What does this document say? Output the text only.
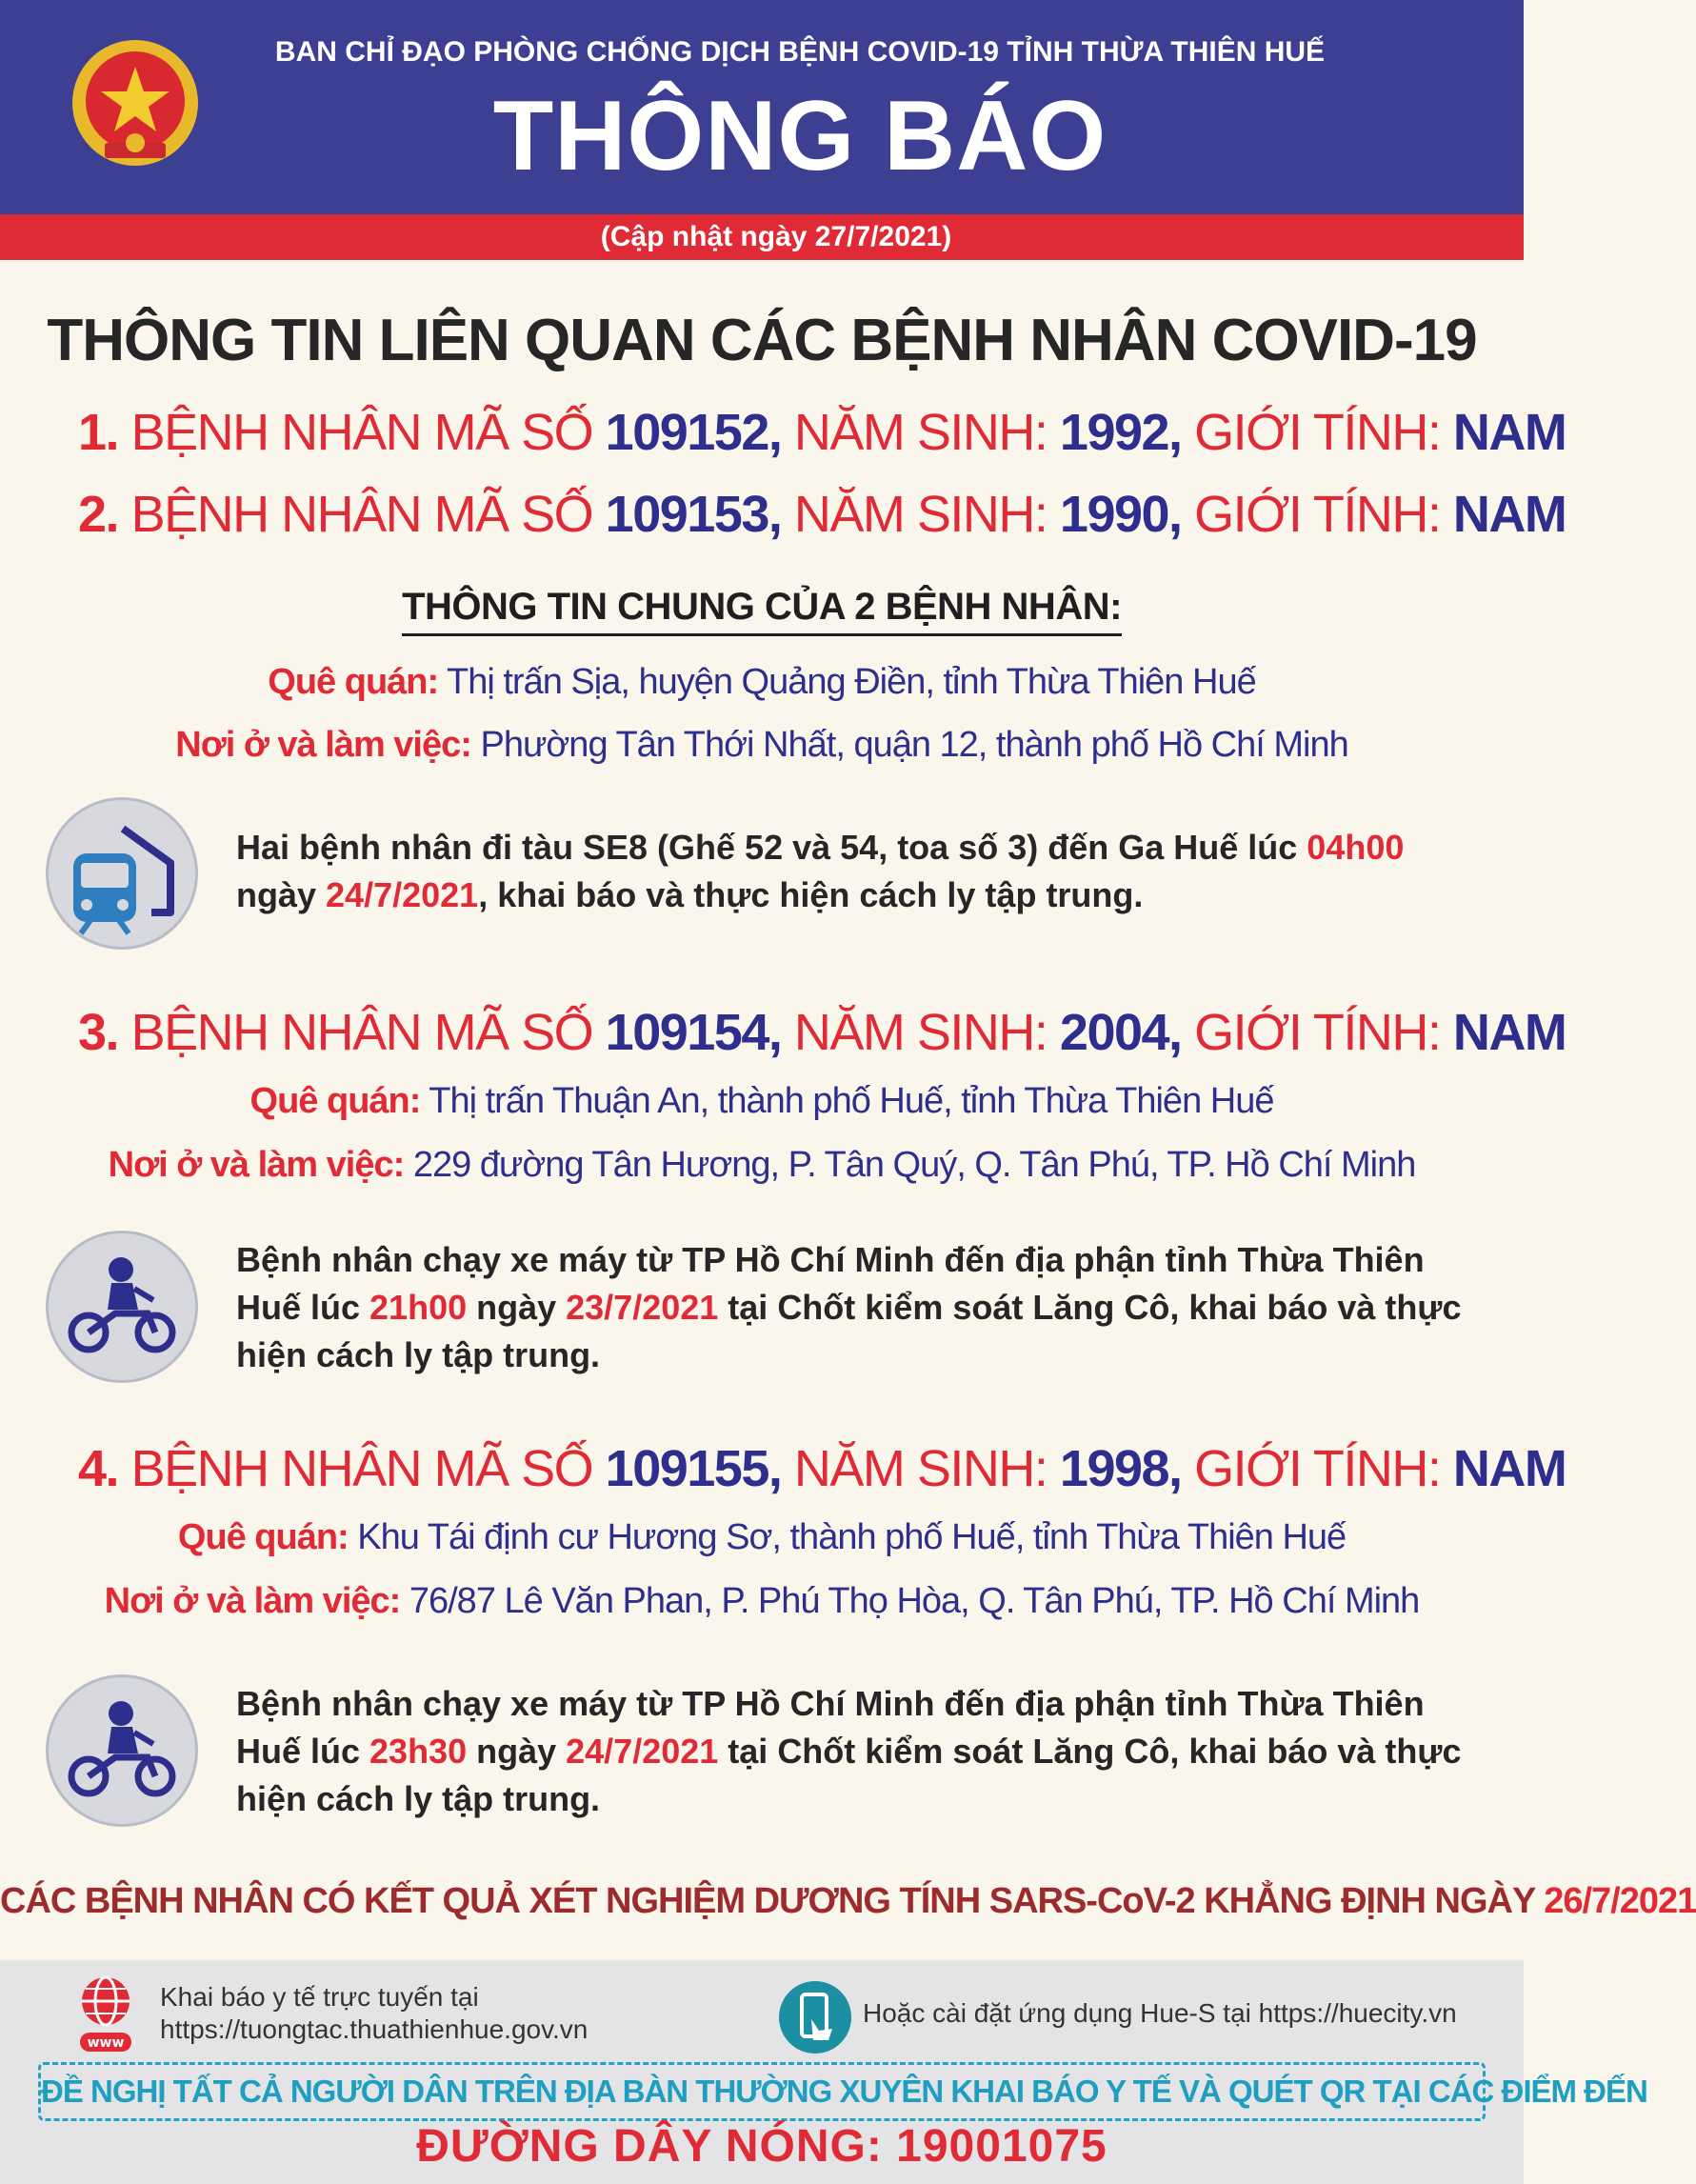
BAN CHỈ ĐẠO PHÒNG CHỐNG DỊCH BỆNH COVID-19 TỈNH THỪA THIÊN HUẾ
THÔNG BÁO
(Cập nhật ngày 27/7/2021)
THÔNG TIN LIÊN QUAN CÁC BỆNH NHÂN COVID-19
1. BỆNH NHÂN MÃ SỐ 109152, NĂM SINH: 1992, GIỚI TÍNH: NAM
2. BỆNH NHÂN MÃ SỐ 109153, NĂM SINH: 1990, GIỚI TÍNH: NAM
THÔNG TIN CHUNG CỦA 2 BỆNH NHÂN:
Quê quán: Thị trấn Sịa, huyện Quảng Điền, tỉnh Thừa Thiên Huế
Nơi ở và làm việc: Phường Tân Thới Nhất, quận 12, thành phố Hồ Chí Minh
Hai bệnh nhân đi tàu SE8 (Ghế 52 và 54, toa số 3) đến Ga Huế lúc 04h00 ngày 24/7/2021, khai báo và thực hiện cách ly tập trung.
3. BỆNH NHÂN MÃ SỐ 109154, NĂM SINH: 2004, GIỚI TÍNH: NAM
Quê quán: Thị trấn Thuận An, thành phố Huế, tỉnh Thừa Thiên Huế
Nơi ở và làm việc: 229 đường Tân Hương, P. Tân Quý, Q. Tân Phú, TP. Hồ Chí Minh
Bệnh nhân chạy xe máy từ TP Hồ Chí Minh đến địa phận tỉnh Thừa Thiên Huế lúc 21h00 ngày 23/7/2021 tại Chốt kiểm soát Lăng Cô, khai báo và thực hiện cách ly tập trung.
4. BỆNH NHÂN MÃ SỐ 109155, NĂM SINH: 1998, GIỚI TÍNH: NAM
Quê quán: Khu Tái định cư Hương Sơ, thành phố Huế, tỉnh Thừa Thiên Huế
Nơi ở và làm việc: 76/87 Lê Văn Phan, P. Phú Thọ Hòa, Q. Tân Phú, TP. Hồ Chí Minh
Bệnh nhân chạy xe máy từ TP Hồ Chí Minh đến địa phận tỉnh Thừa Thiên Huế lúc 23h30 ngày 24/7/2021 tại Chốt kiểm soát Lăng Cô, khai báo và thực hiện cách ly tập trung.
CÁC BỆNH NHÂN CÓ KẾT QUẢ XÉT NGHIỆM DƯƠNG TÍNH SARS-CoV-2 KHẲNG ĐỊNH NGÀY 26/7/2021
www
Khai báo y tế trực tuyến tại
https://tuongtac.thuathienhue.gov.vn
Hoặc cài đặt ứng dụng Hue-S tại https://huecity.vn
ĐỀ NGHỊ TẤT CẢ NGƯỜI DÂN TRÊN ĐỊA BÀN THƯỜNG XUYÊN KHAI BÁO Y TẾ VÀ QUÉT QR TẠI CÁC ĐIỂM ĐẾN
ĐƯỜNG DÂY NÓNG: 19001075
